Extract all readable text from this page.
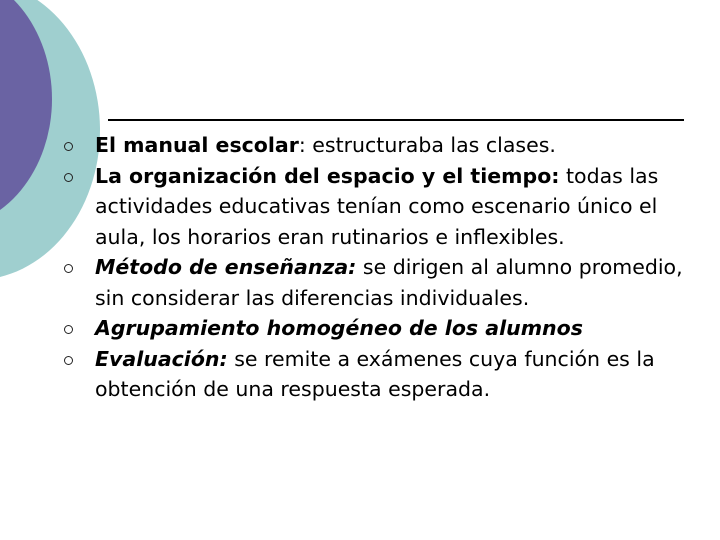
El manual escolar: estructuraba las clases.
La organización del espacio y el tiempo: todas las actividades educativas tenían como escenario único el aula, los horarios eran rutinarios e inflexibles.
Método de enseñanza: se dirigen al alumno promedio, sin considerar las diferencias individuales.
Agrupamiento homogéneo de los alumnos
Evaluación: se remite a exámenes cuya función es la obtención de una respuesta esperada.
